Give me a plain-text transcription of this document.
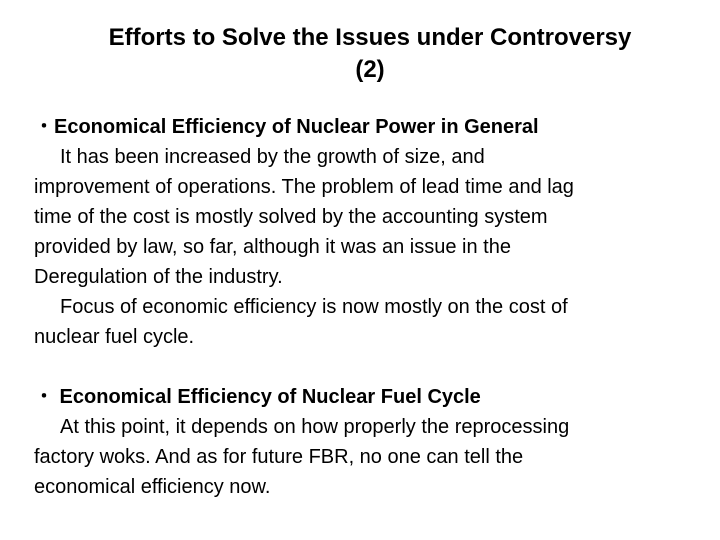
Efforts to Solve the Issues under Controversy
(2)
・Economical Efficiency of Nuclear Power in General
It has been increased by the growth of size, and
improvement of operations. The problem of lead time and lag
time of the cost is mostly solved by the accounting system
provided by law, so far, although it was an issue in the
Deregulation of the industry.
Focus of economic efficiency is now mostly on the cost of
nuclear fuel cycle.
・ Economical Efficiency of Nuclear Fuel Cycle
At this point, it depends on how properly the reprocessing
factory woks. And as for future FBR, no one can tell the
economical efficiency now.
